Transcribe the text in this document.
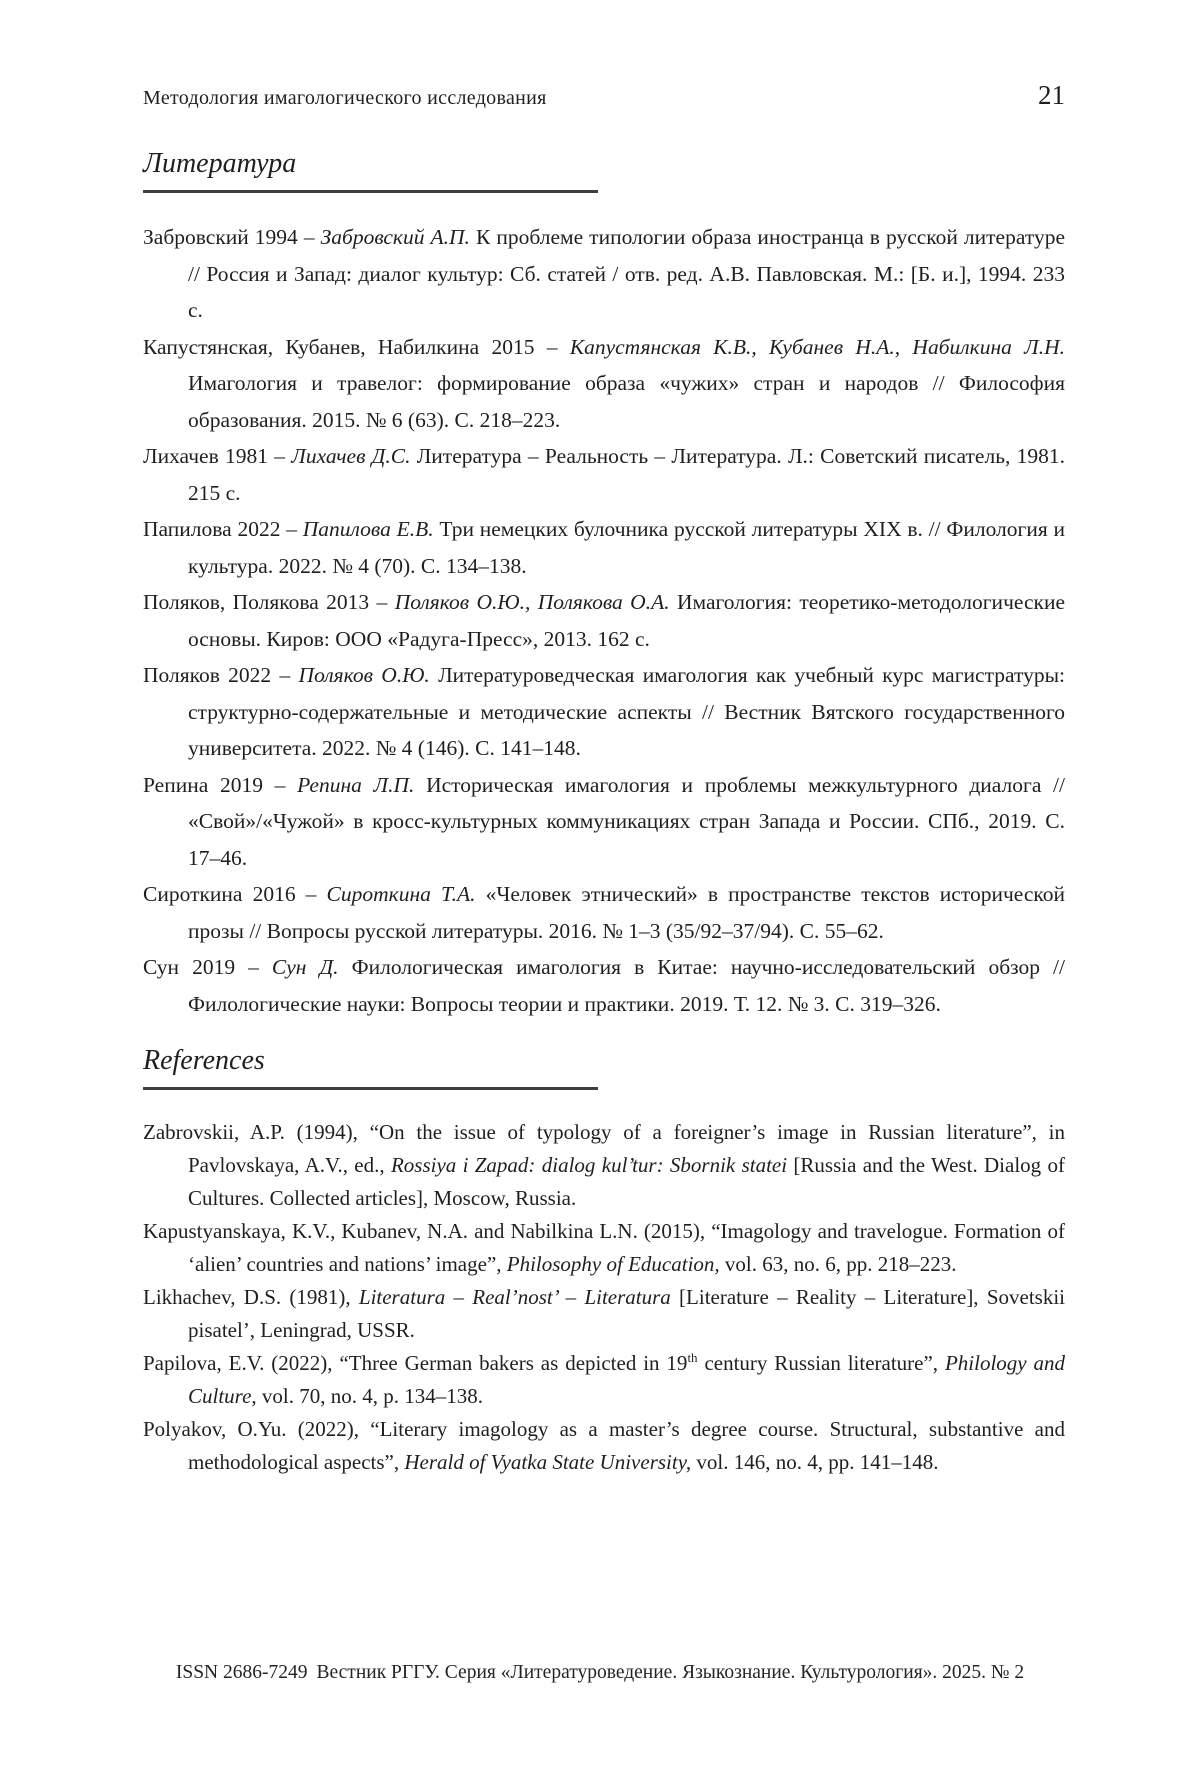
Методология имагологического исследования	21
Литература

Забровский 1994 – Забровский А.П. К проблеме типологии образа иностранца в русской литературе // Россия и Запад: диалог культур: Сб. статей / отв. ред. А.В. Павловская. М.: [Б. и.], 1994. 233 с.

Капустянская, Кубанев, Набилкина 2015 – Капустянская К.В., Кубанев Н.А., Набилкина Л.Н. Имагология и травелог: формирование образа «чужих» стран и народов // Философия образования. 2015. № 6 (63). С. 218–223.

Лихачев 1981 – Лихачев Д.С. Литература – Реальность – Литература. Л.: Советский писатель, 1981. 215 с.

Папилова 2022 – Папилова Е.В. Три немецких булочника русской литературы XIX в. // Филология и культура. 2022. № 4 (70). С. 134–138.

Поляков, Полякова 2013 – Поляков О.Ю., Полякова О.А. Имагология: теоретико-методологические основы. Киров: ООО «Радуга-Пресс», 2013. 162 с.

Поляков 2022 – Поляков О.Ю. Литературоведческая имагология как учебный курс магистратуры: структурно-содержательные и методические аспекты // Вестник Вятского государственного университета. 2022. № 4 (146). С. 141–148.

Репина 2019 – Репина Л.П. Историческая имагология и проблемы межкультурного диалога // «Свой»/«Чужой» в кросс-культурных коммуникациях стран Запада и России. СПб., 2019. С. 17–46.

Сироткина 2016 – Сироткина Т.А. «Человек этнический» в пространстве текстов исторической прозы // Вопросы русской литературы. 2016. № 1–3 (35/92–37/94). С. 55–62.

Сун 2019 – Сун Д. Филологическая имагология в Китае: научно-исследовательский обзор // Филологические науки: Вопросы теории и практики. 2019. Т. 12. № 3. С. 319–326.

References

Zabrovskii, A.P. (1994), “On the issue of typology of a foreigner’s image in Russian literature”, in Pavlovskaya, A.V., ed., Rossiya i Zapad: dialog kul’tur: Sbornik statei [Russia and the West. Dialog of Cultures. Collected articles], Moscow, Russia.

Kapustyanskaya, K.V., Kubanev, N.A. and Nabilkina L.N. (2015), “Imagology and travelogue. Formation of ‘alien’ countries and nations’ image”, Philosophy of Education, vol. 63, no. 6, pp. 218–223.

Likhachev, D.S. (1981), Literatura – Real’nost’ – Literatura [Literature – Reality – Literature], Sovetskii pisatel’, Leningrad, USSR.

Papilova, E.V. (2022), “Three German bakers as depicted in 19th century Russian literature”, Philology and Culture, vol. 70, no. 4, p. 134–138.

Polyakov, O.Yu. (2022), “Literary imagology as a master’s degree course. Structural, substantive and methodological aspects”, Herald of Vyatka State University, vol. 146, no. 4, pp. 141–148.

ISSN 2686-7249 Вестник РГГУ. Серия «Литературоведение. Языкознание. Культурология». 2025. № 2
